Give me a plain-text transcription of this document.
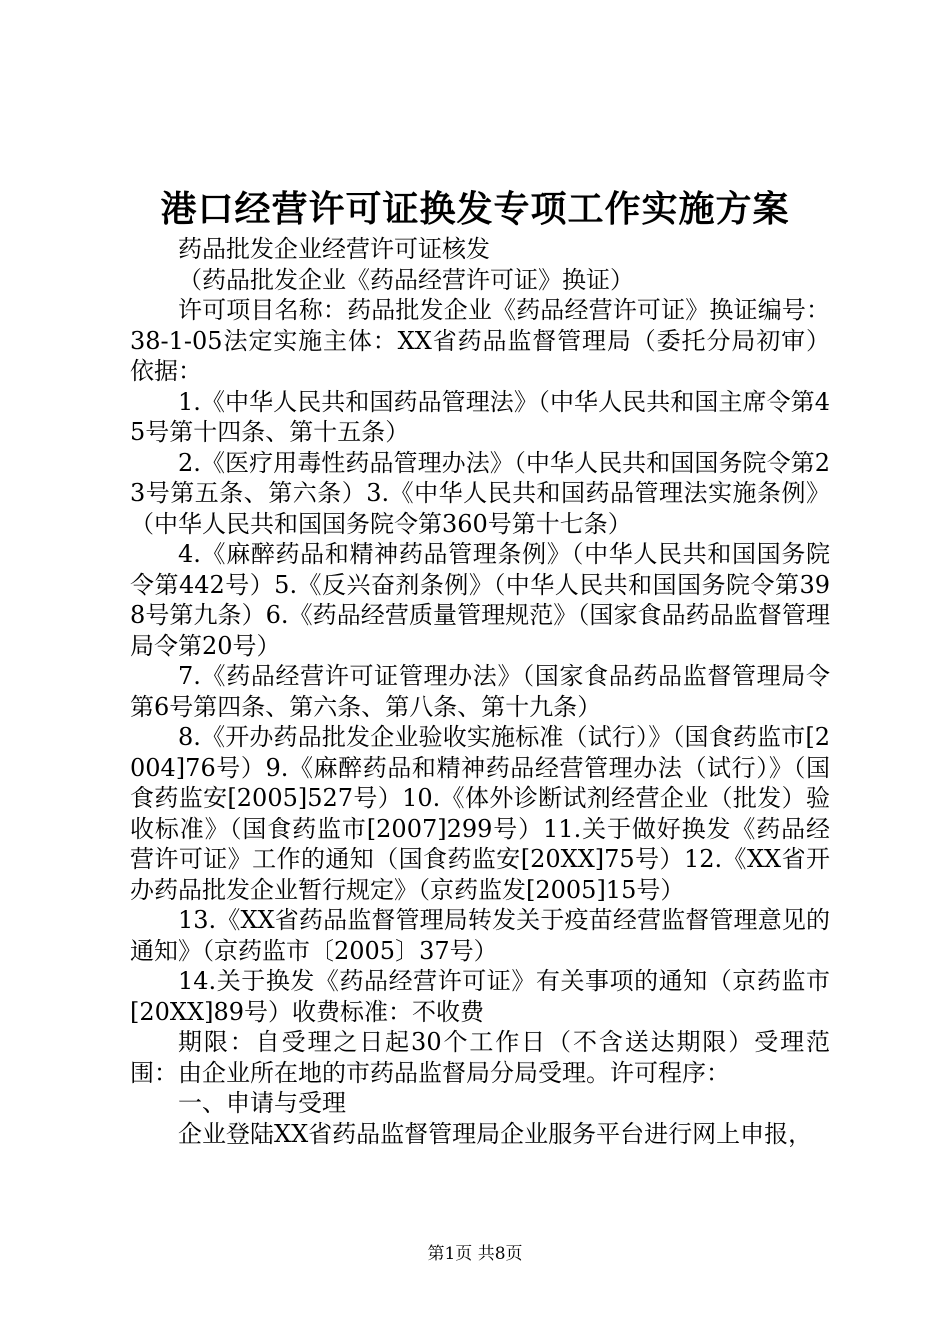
港口经营许可证换发专项工作实施方案

药品批发企业经营许可证核发

（药品批发企业《药品经营许可证》换证）

许可项目名称：药品批发企业《药品经营许可证》换证编号：38-1-05法定实施主体：XX省药品监督管理局（委托分局初审）依据：

1.《中华人民共和国药品管理法》（中华人民共和国主席令第45号第十四条、第十五条）

2.《医疗用毒性药品管理办法》（中华人民共和国国务院令第23号第五条、第六条）3.《中华人民共和国药品管理法实施条例》（中华人民共和国国务院令第360号第十七条）

4.《麻醉药品和精神药品管理条例》（中华人民共和国国务院令第442号）5.《反兴奋剂条例》（中华人民共和国国务院令第398号第九条）6.《药品经营质量管理规范》（国家食品药品监督管理局令第20号）

7.《药品经营许可证管理办法》（国家食品药品监督管理局令第6号第四条、第六条、第八条、第十九条）

8.《开办药品批发企业验收实施标准（试行）》（国食药监市[2004]76号）9.《麻醉药品和精神药品经营管理办法（试行）》（国食药监安[2005]527号）10.《体外诊断试剂经营企业（批发）验收标准》（国食药监市[2007]299号）11.关于做好换发《药品经营许可证》工作的通知（国食药监安[20XX]75号）12.《XX省开办药品批发企业暂行规定》（京药监发[2005]15号）

13.《XX省药品监督管理局转发关于疫苗经营监督管理意见的通知》（京药监市〔2005〕37号）

14.关于换发《药品经营许可证》有关事项的通知（京药监市[20XX]89号）收费标准：不收费

期限：自受理之日起30个工作日（不含送达期限）受理范围：由企业所在地的市药品监督局分局受理。许可程序：

一、申请与受理

企业登陆XX省药品监督管理局企业服务平台进行网上申报，

第1页 共8页
